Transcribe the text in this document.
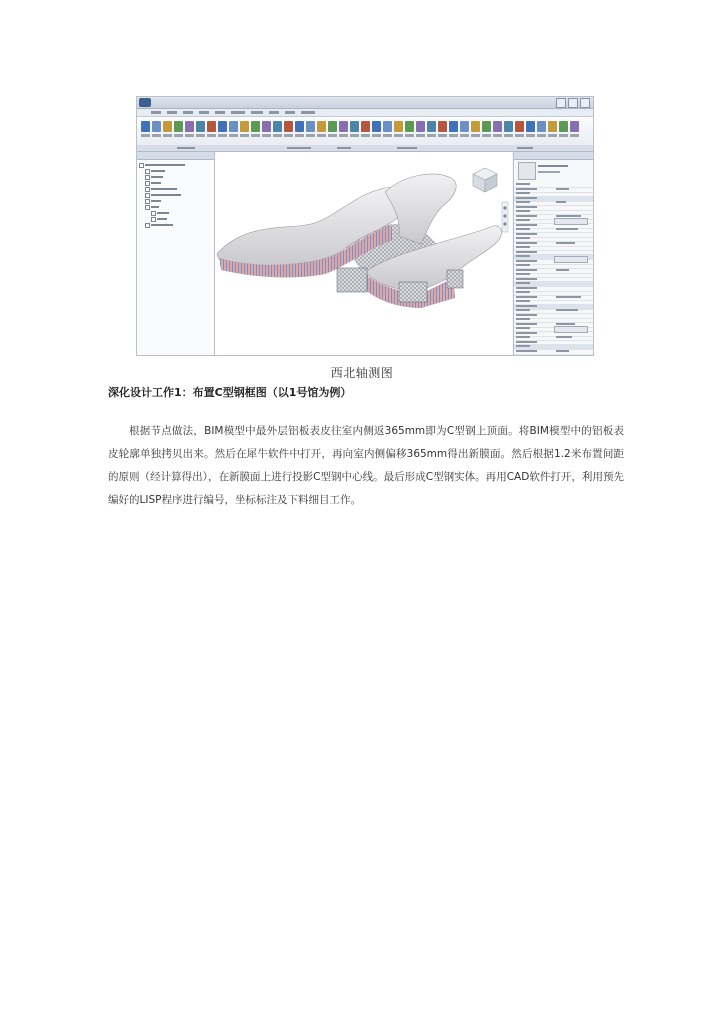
西北轴测图
深化设计工作1：布置C型钢框图（以1号馆为例）
根据节点做法，BIM模型中最外层铝板表皮往室内侧返365mm即为C型钢上顶面。将BIM模型中的铝板表皮轮廓单独拷贝出来。然后在犀牛软件中打开，再向室内侧偏移365mm得出新膜面。然后根据1.2米布置间距的原则（经计算得出），在新膜面上进行投影C型钢中心线。最后形成C型钢实体。再用CAD软件打开，利用预先编好的LISP程序进行编号，坐标标注及下料细目工作。
